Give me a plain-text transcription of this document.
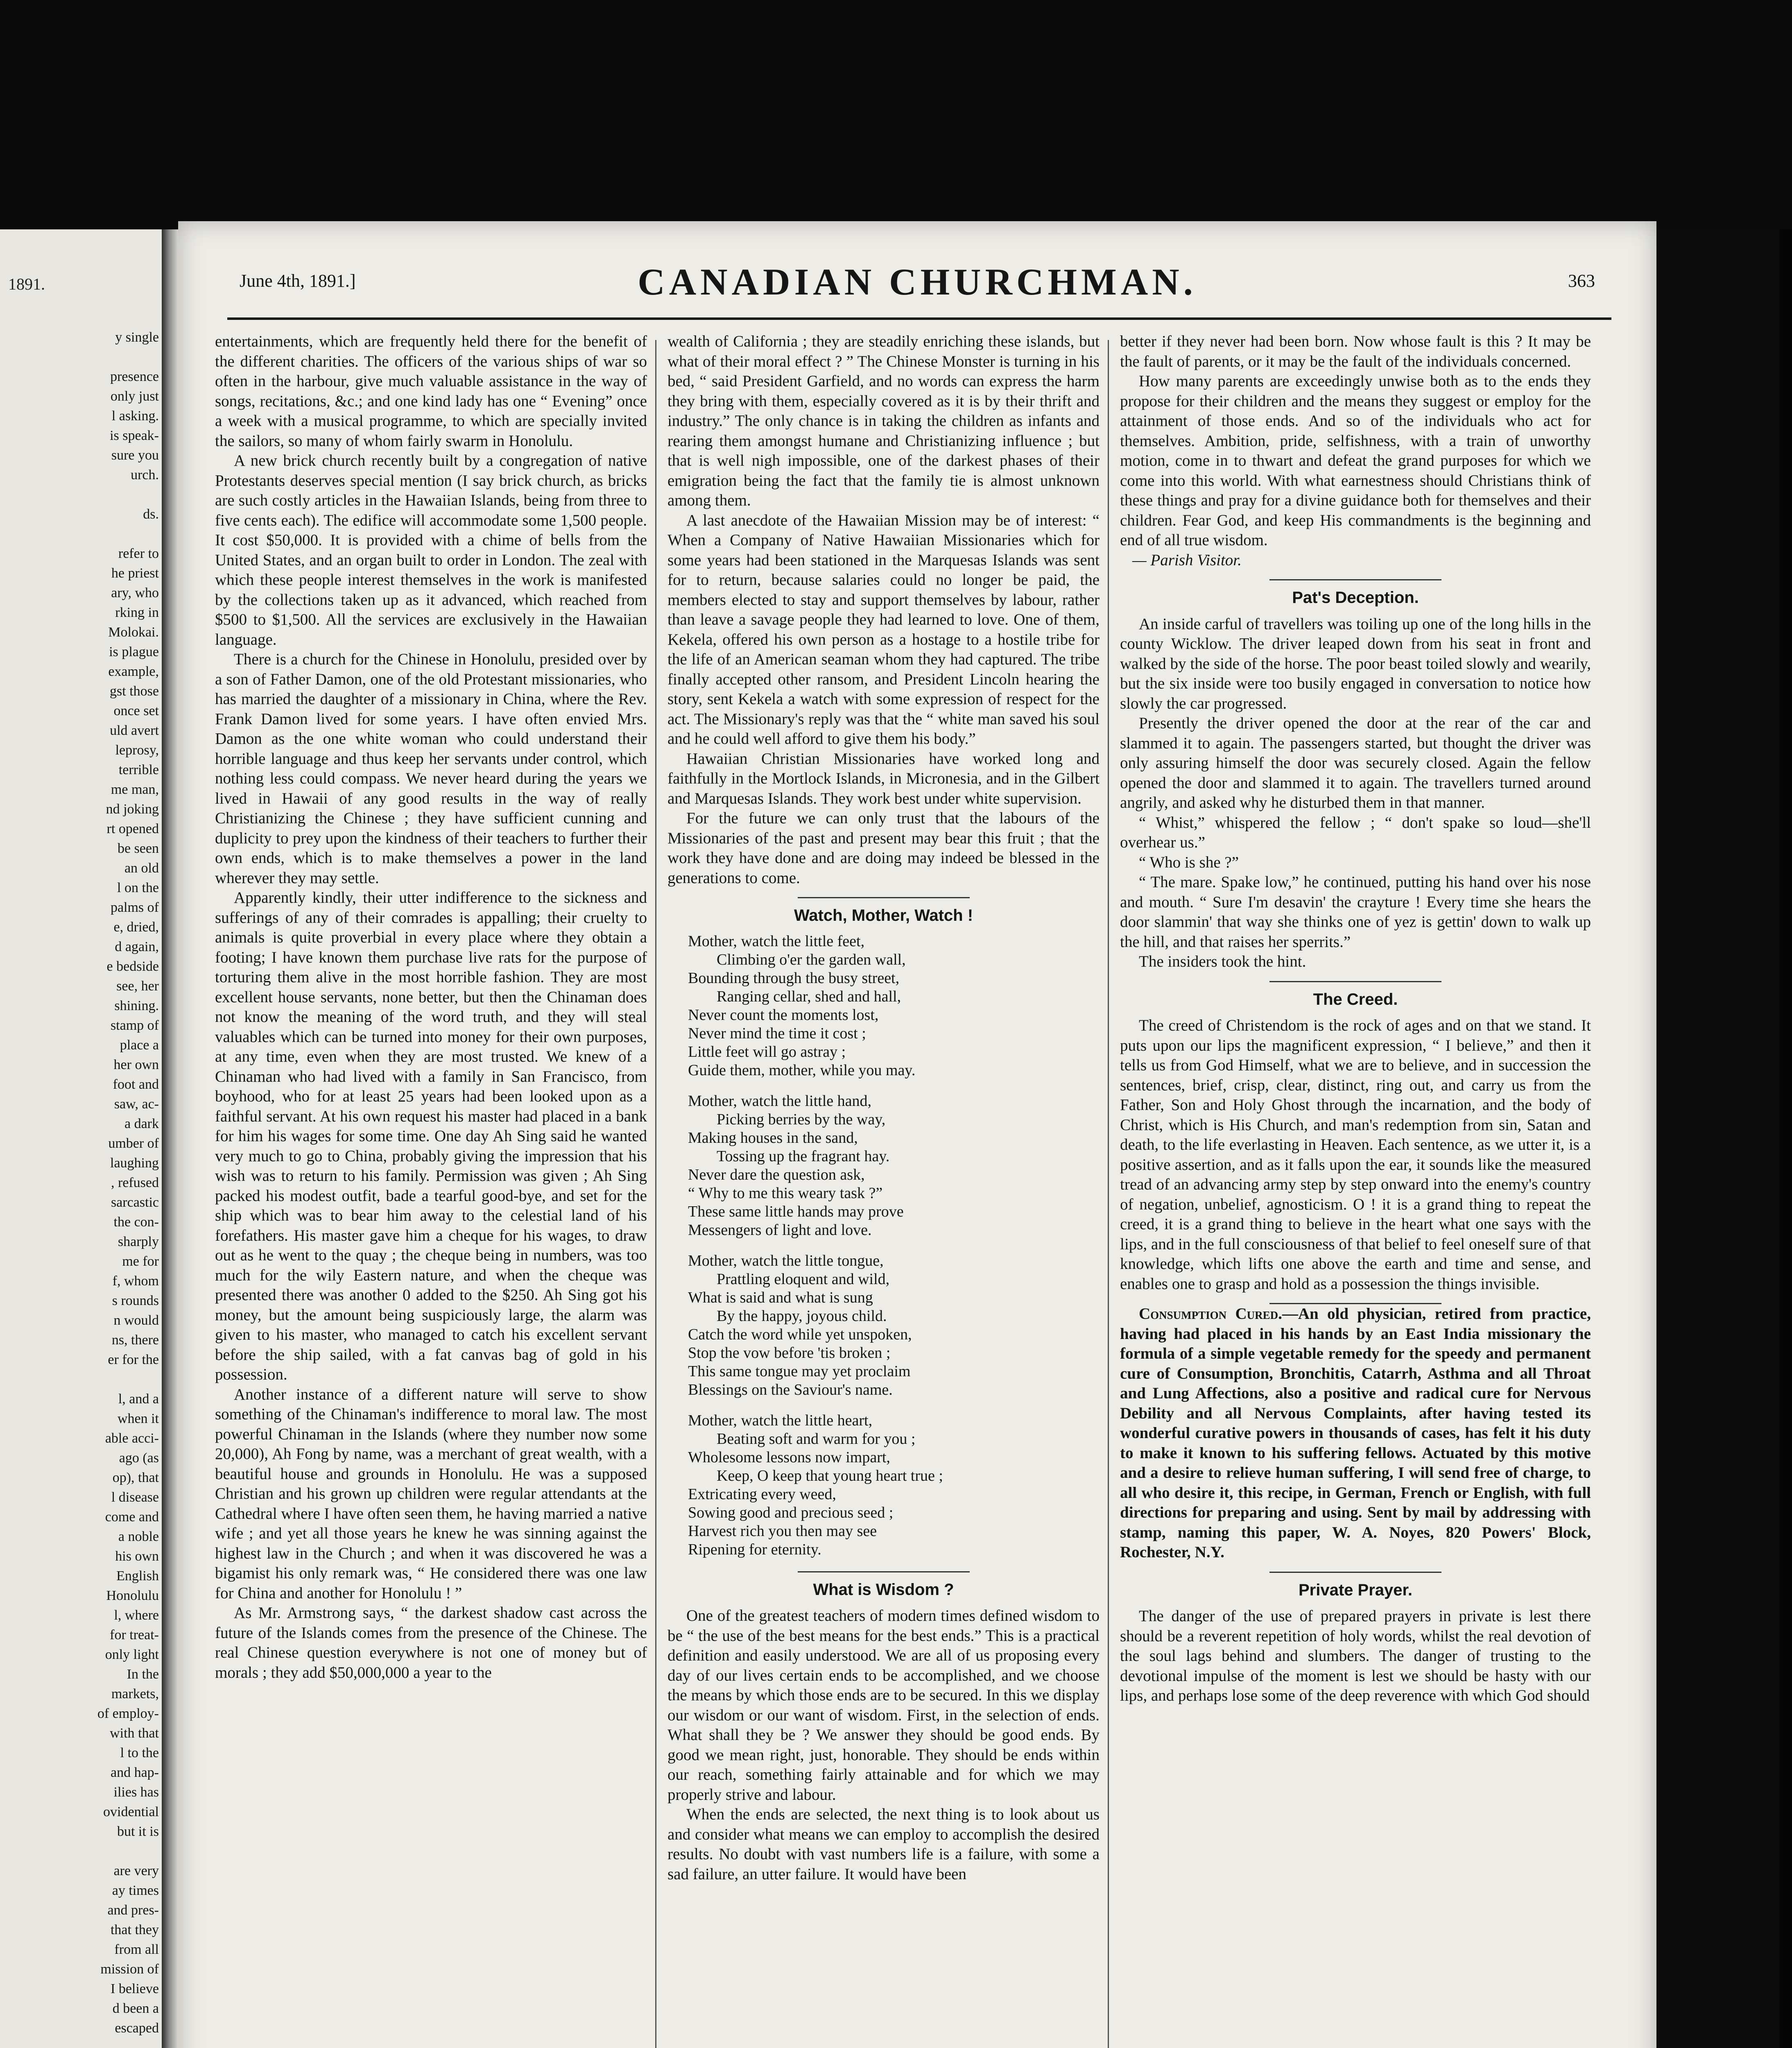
1891.
y single

presence
only just
l asking.
is speak-
sure you
urch.

ds.

refer to
he priest
ary, who
rking in
Molokai.
is plague
example,
gst those
once set
uld avert
leprosy,
terrible
me man,
nd joking
rt opened
be seen
an old
l on the
palms of
e, dried,
d again,
e bedside
see, her
shining.
stamp of
place a
her own
foot and
saw, ac-
a dark
umber of
laughing
, refused
sarcastic
the con-
sharply
me for
f, whom
s rounds
n would
ns, there
er for the

l, and a
when it
able acci-
ago (as
op), that
l disease
come and
a noble
his own
English
Honolulu
l, where
for treat-
only light
In the
markets,
of employ-
with that
l to the
and hap-
ilies has
ovidential
but it is

are very
ay times
and pres-
that they
from all
mission of
I believe
d been a
escaped

June 4th, 1891.]	CANADIAN CHURCHMAN.	363

entertainments, which are frequently held there for the benefit of the different charities. The officers of the various ships of war so often in the harbour, give much valuable assistance in the way of songs, recitations, &c.; and one kind lady has one “ Evening” once a week with a musical programme, to which are specially invited the sailors, so many of whom fairly swarm in Honolulu.

A new brick church recently built by a congregation of native Protestants deserves special mention (I say brick church, as bricks are such costly articles in the Hawaiian Islands, being from three to five cents each). The edifice will accommodate some 1,500 people. It cost $50,000. It is provided with a chime of bells from the United States, and an organ built to order in London. The zeal with which these people interest themselves in the work is manifested by the collections taken up as it advanced, which reached from $500 to $1,500. All the services are exclusively in the Hawaiian language.

There is a church for the Chinese in Honolulu, presided over by a son of Father Damon, one of the old Protestant missionaries, who has married the daughter of a missionary in China, where the Rev. Frank Damon lived for some years. I have often envied Mrs. Damon as the one white woman who could understand their horrible language and thus keep her servants under control, which nothing less could compass. We never heard during the years we lived in Hawaii of any good results in the way of really Christianizing the Chinese ; they have sufficient cunning and duplicity to prey upon the kindness of their teachers to further their own ends, which is to make themselves a power in the land wherever they may settle.

Apparently kindly, their utter indifference to the sickness and sufferings of any of their comrades is appalling; their cruelty to animals is quite proverbial in every place where they obtain a footing; I have known them purchase live rats for the purpose of torturing them alive in the most horrible fashion. They are most excellent house servants, none better, but then the Chinaman does not know the meaning of the word truth, and they will steal valuables which can be turned into money for their own purposes, at any time, even when they are most trusted. We knew of a Chinaman who had lived with a family in San Francisco, from boyhood, who for at least 25 years had been looked upon as a faithful servant. At his own request his master had placed in a bank for him his wages for some time. One day Ah Sing said he wanted very much to go to China, probably giving the impression that his wish was to return to his family. Permission was given ; Ah Sing packed his modest outfit, bade a tearful good-bye, and set for the ship which was to bear him away to the celestial land of his forefathers. His master gave him a cheque for his wages, to draw out as he went to the quay ; the cheque being in numbers, was too much for the wily Eastern nature, and when the cheque was presented there was another 0 added to the $250. Ah Sing got his money, but the amount being suspiciously large, the alarm was given to his master, who managed to catch his excellent servant before the ship sailed, with a fat canvas bag of gold in his possession.

Another instance of a different nature will serve to show something of the Chinaman's indifference to moral law. The most powerful Chinaman in the Islands (where they number now some 20,000), Ah Fong by name, was a merchant of great wealth, with a beautiful house and grounds in Honolulu. He was a supposed Christian and his grown up children were regular attendants at the Cathedral where I have often seen them, he having married a native wife ; and yet all those years he knew he was sinning against the highest law in the Church ; and when it was discovered he was a bigamist his only remark was, “ He considered there was one law for China and another for Honolulu ! ”

As Mr. Armstrong says, “ the darkest shadow cast across the future of the Islands comes from the presence of the Chinese. The real Chinese question everywhere is not one of money but of morals ; they add $50,000,000 a year to the

wealth of California ; they are steadily enriching these islands, but what of their moral effect ? ” The Chinese Monster is turning in his bed, “ said President Garfield, and no words can express the harm they bring with them, especially covered as it is by their thrift and industry.” The only chance is in taking the children as infants and rearing them amongst humane and Christianizing influence ; but that is well nigh impossible, one of the darkest phases of their emigration being the fact that the family tie is almost unknown among them.

A last anecdote of the Hawaiian Mission may be of interest: “ When a Company of Native Hawaiian Missionaries which for some years had been stationed in the Marquesas Islands was sent for to return, because salaries could no longer be paid, the members elected to stay and support themselves by labour, rather than leave a savage people they had learned to love. One of them, Kekela, offered his own person as a hostage to a hostile tribe for the life of an American seaman whom they had captured. The tribe finally accepted other ransom, and President Lincoln hearing the story, sent Kekela a watch with some expression of respect for the act. The Missionary's reply was that the “ white man saved his soul and he could well afford to give them his body.”

Hawaiian Christian Missionaries have worked long and faithfully in the Mortlock Islands, in Micronesia, and in the Gilbert and Marquesas Islands. They work best under white supervision.

For the future we can only trust that the labours of the Missionaries of the past and present may bear this fruit ; that the work they have done and are doing may indeed be blessed in the generations to come.

Watch, Mother, Watch !
Mother, watch the little feet,
Climbing o'er the garden wall,
Bounding through the busy street,
Ranging cellar, shed and hall,
Never count the moments lost,
Never mind the time it cost ;
Little feet will go astray ;
Guide them, mother, while you may.
Mother, watch the little hand,
Picking berries by the way,
Making houses in the sand,
Tossing up the fragrant hay.
Never dare the question ask,
“ Why to me this weary task ?”
These same little hands may prove
Messengers of light and love.
Mother, watch the little tongue,
Prattling eloquent and wild,
What is said and what is sung
By the happy, joyous child.
Catch the word while yet unspoken,
Stop the vow before 'tis broken ;
This same tongue may yet proclaim
Blessings on the Saviour's name.
Mother, watch the little heart,
Beating soft and warm for you ;
Wholesome lessons now impart,
Keep, O keep that young heart true ;
Extricating every weed,
Sowing good and precious seed ;
Harvest rich you then may see
Ripening for eternity.
What is Wisdom ?

One of the greatest teachers of modern times defined wisdom to be “ the use of the best means for the best ends.” This is a practical definition and easily understood. We are all of us proposing every day of our lives certain ends to be accomplished, and we choose the means by which those ends are to be secured. In this we display our wisdom or our want of wisdom. First, in the selection of ends. What shall they be ? We answer they should be good ends. By good we mean right, just, honorable. They should be ends within our reach, something fairly attainable and for which we may properly strive and labour.

When the ends are selected, the next thing is to look about us and consider what means we can employ to accomplish the desired results. No doubt with vast numbers life is a failure, with some a sad failure, an utter failure. It would have been

better if they never had been born. Now whose fault is this ? It may be the fault of parents, or it may be the fault of the individuals concerned.

How many parents are exceedingly unwise both as to the ends they propose for their children and the means they suggest or employ for the attainment of those ends. And so of the individuals who act for themselves. Ambition, pride, selfishness, with a train of unworthy motion, come in to thwart and defeat the grand purposes for which we come into this world. With what earnestness should Christians think of these things and pray for a divine guidance both for themselves and their children. Fear God, and keep His commandments is the beginning and end of all true wisdom.

— Parish Visitor.
Pat's Deception.

An inside carful of travellers was toiling up one of the long hills in the county Wicklow. The driver leaped down from his seat in front and walked by the side of the horse. The poor beast toiled slowly and wearily, but the six inside were too busily engaged in conversation to notice how slowly the car progressed.

Presently the driver opened the door at the rear of the car and slammed it to again. The passengers started, but thought the driver was only assuring himself the door was securely closed. Again the fellow opened the door and slammed it to again. The travellers turned around angrily, and asked why he disturbed them in that manner.

“ Whist,” whispered the fellow ; “ don't spake so loud—she'll overhear us.”

“ Who is she ?”

“ The mare. Spake low,” he continued, putting his hand over his nose and mouth. “ Sure I'm desavin' the crayture ! Every time she hears the door slammin' that way she thinks one of yez is gettin' down to walk up the hill, and that raises her sperrits.”

The insiders took the hint.

The Creed.

The creed of Christendom is the rock of ages and on that we stand. It puts upon our lips the magnificent expression, “ I believe,” and then it tells us from God Himself, what we are to believe, and in succession the sentences, brief, crisp, clear, distinct, ring out, and carry us from the Father, Son and Holy Ghost through the incarnation, and the body of Christ, which is His Church, and man's redemption from sin, Satan and death, to the life everlasting in Heaven. Each sentence, as we utter it, is a positive assertion, and as it falls upon the ear, it sounds like the measured tread of an advancing army step by step onward into the enemy's country of negation, unbelief, agnosticism. O ! it is a grand thing to repeat the creed, it is a grand thing to believe in the heart what one says with the lips, and in the full consciousness of that belief to feel oneself sure of that knowledge, which lifts one above the earth and time and sense, and enables one to grasp and hold as a possession the things invisible.

Consumption Cured.—An old physician, retired from practice, having had placed in his hands by an East India missionary the formula of a simple vegetable remedy for the speedy and permanent cure of Consumption, Bronchitis, Catarrh, Asthma and all Throat and Lung Affections, also a positive and radical cure for Nervous Debility and all Nervous Complaints, after having tested its wonderful curative powers in thousands of cases, has felt it his duty to make it known to his suffering fellows. Actuated by this motive and a desire to relieve human suffering, I will send free of charge, to all who desire it, this recipe, in German, French or English, with full directions for preparing and using. Sent by mail by addressing with stamp, naming this paper, W. A. Noyes, 820 Powers' Block, Rochester, N.Y.

Private Prayer.

The danger of the use of prepared prayers in private is lest there should be a reverent repetition of holy words, whilst the real devotion of the soul lags behind and slumbers. The danger of trusting to the devotional impulse of the moment is lest we should be hasty with our lips, and perhaps lose some of the deep reverence with which God should
